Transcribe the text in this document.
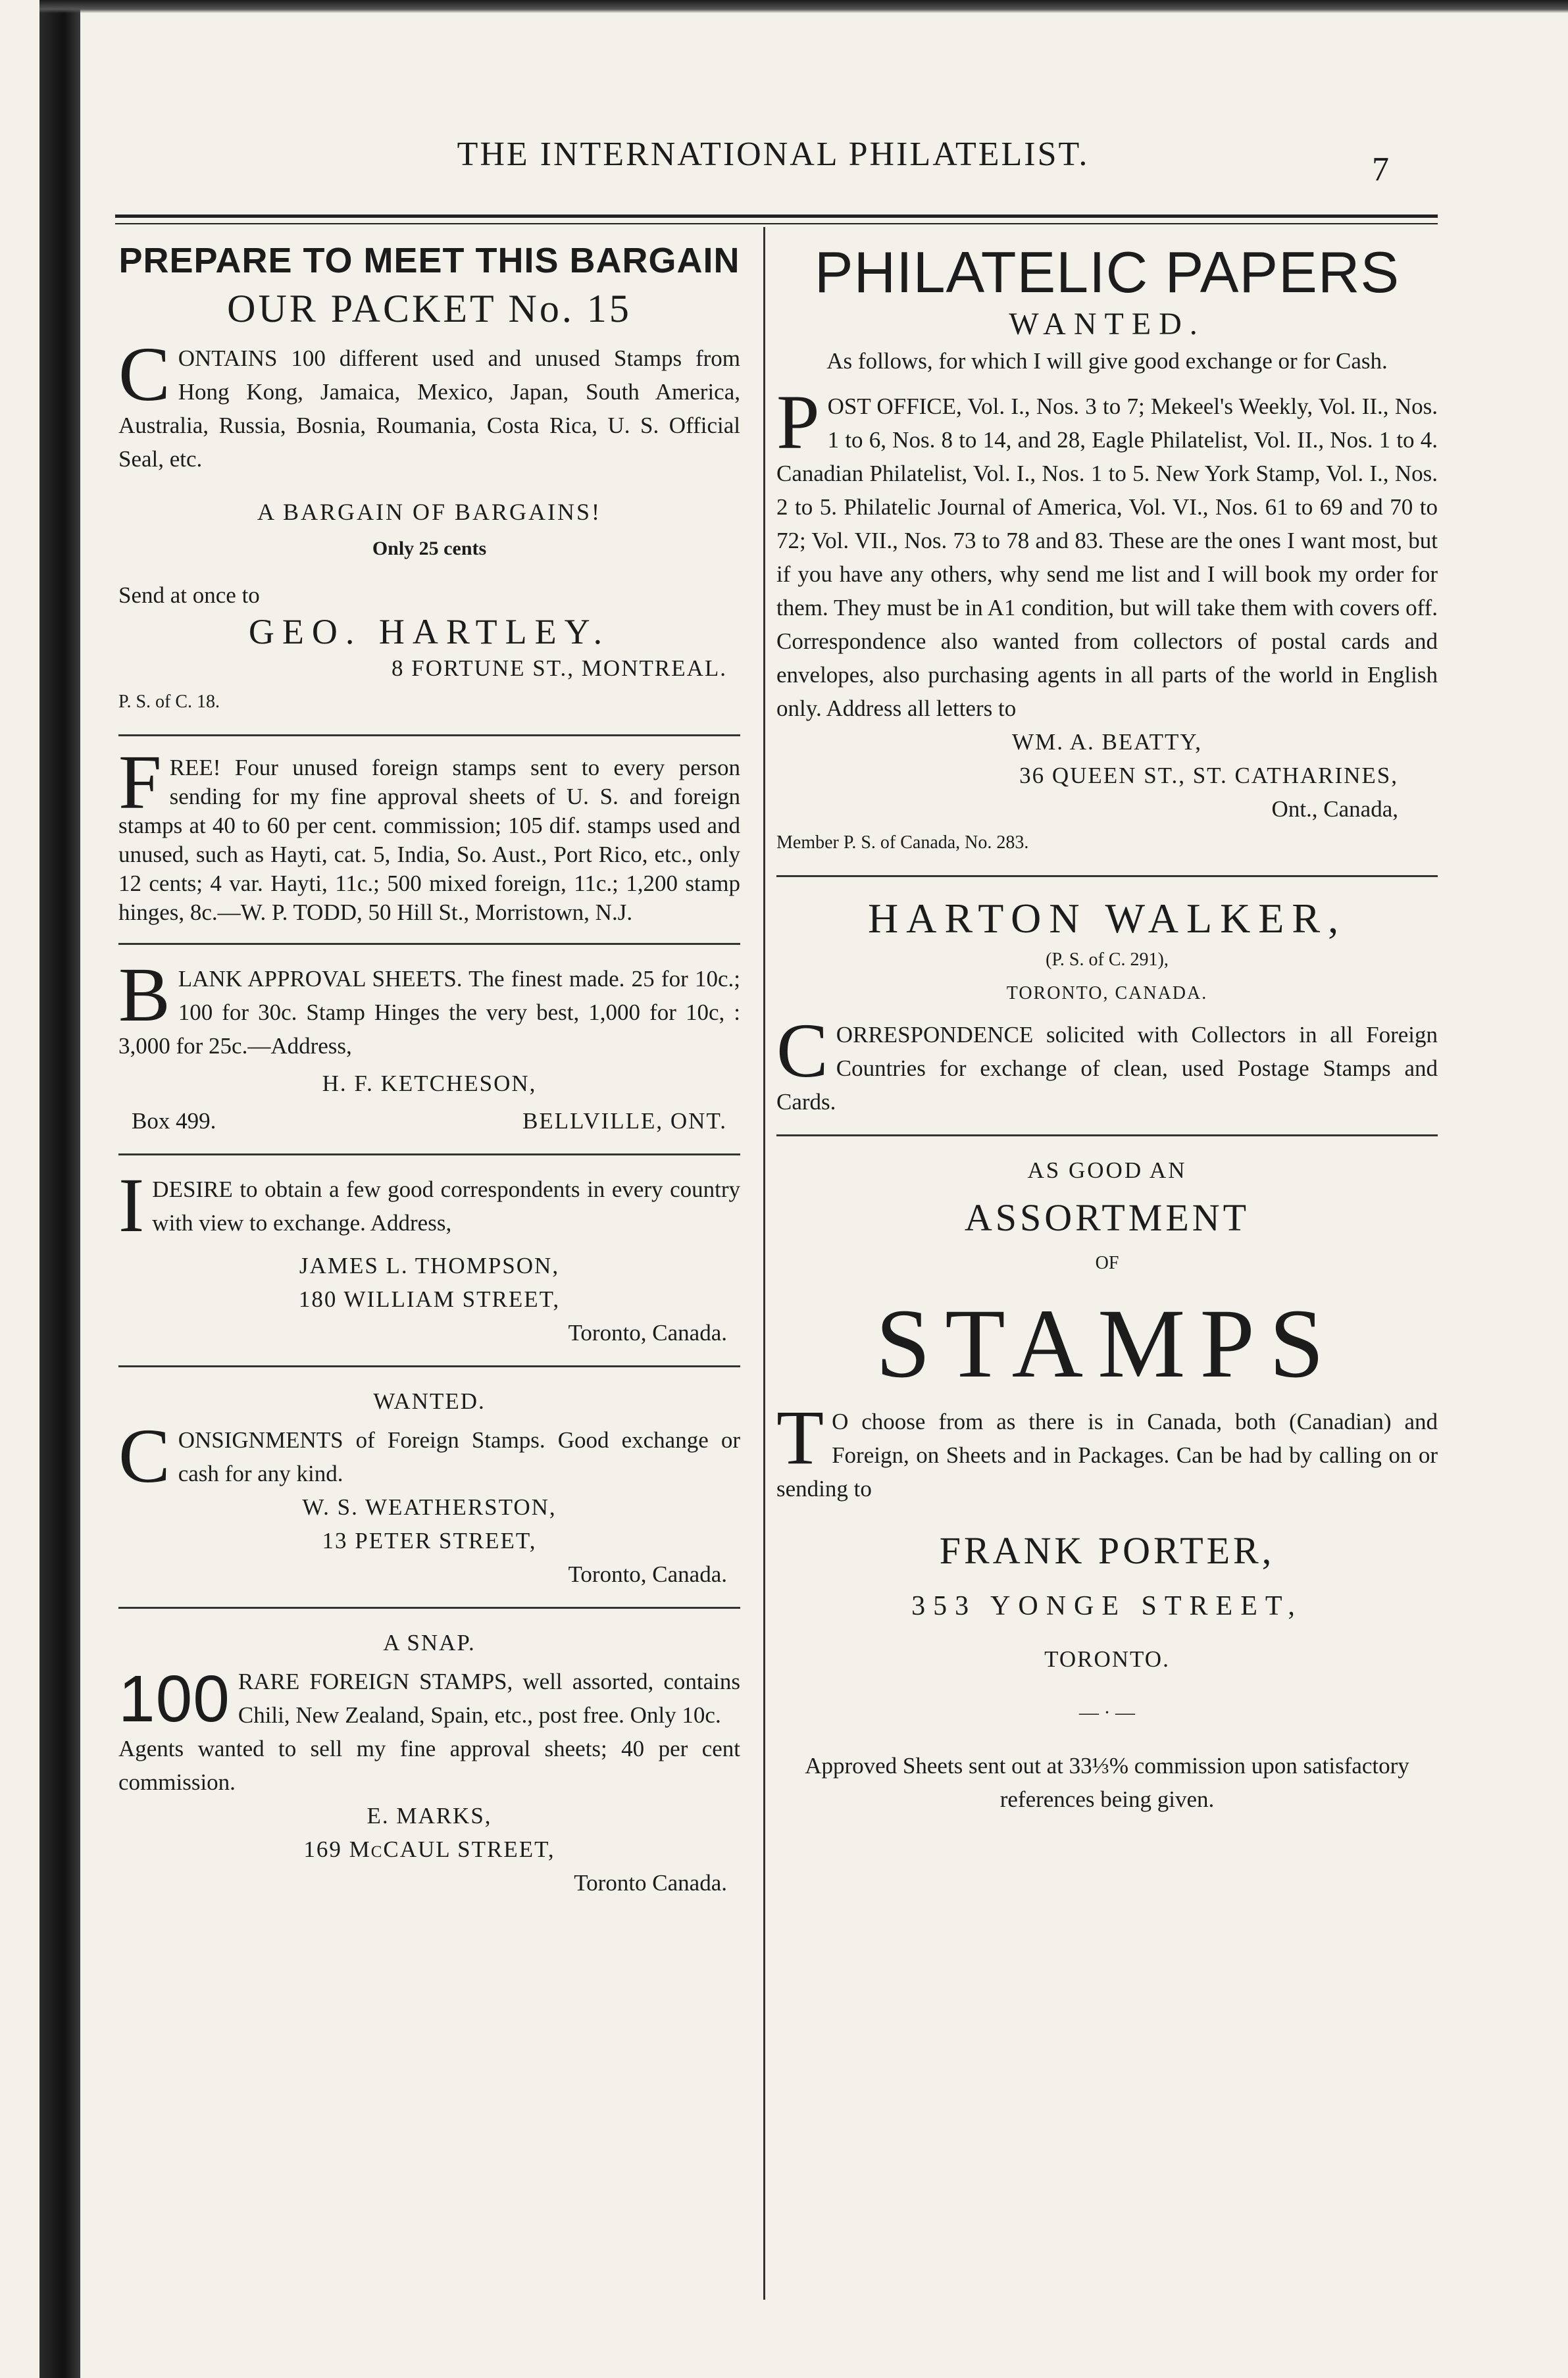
THE INTERNATIONAL PHILATELIST.	7
PREPARE TO MEET THIS BARGAIN
OUR PACKET No. 15

CONTAINS 100 different used and unused Stamps from Hong Kong, Jamaica, Mexico, Japan, South America, Australia, Russia, Bosnia, Roumania, Costa Rica, U. S. Official Seal, etc.

A BARGAIN OF BARGAINS!
Only 25 cents
Send at once to
GEO. HARTLEY.
8 FORTUNE ST., MONTREAL.
P. S. of C. 18.

FREE! Four unused foreign stamps sent to every person sending for my fine approval sheets of U. S. and foreign stamps at 40 to 60 per cent. commission; 105 dif. stamps used and unused, such as Hayti, cat. 5, India, So. Aust., Port Rico, etc., only 12 cents; 4 var. Hayti, 11c.; 500 mixed foreign, 11c.; 1,200 stamp hinges, 8c.—W. P. TODD, 50 Hill St., Morristown, N.J.

BLANK APPROVAL SHEETS. The finest made. 25 for 10c.; 100 for 30c. Stamp Hinges the very best, 1,000 for 10c, : 3,000 for 25c.—Address,

H. F. KETCHESON,
Box 499.	BELLVILLE, ONT.

IDESIRE to obtain a few good correspondents in every country with view to exchange. Address,

JAMES L. THOMPSON,
180 WILLIAM STREET,
Toronto, Canada.
WANTED.

CONSIGNMENTS of Foreign Stamps. Good exchange or cash for any kind.

W. S. WEATHERSTON,
13 PETER STREET,
Toronto, Canada.
A SNAP.

100 RARE FOREIGN STAMPS, well assorted, contains Chili, New Zealand, Spain, etc., post free. Only 10c.

Agents wanted to sell my fine approval sheets; 40 per cent commission.

E. MARKS,
169 McCAUL STREET,
Toronto Canada.
PHILATELIC PAPERS
WANTED.
As follows, for which I will give good exchange or for Cash.

POST OFFICE, Vol. I., Nos. 3 to 7; Mekeel's Weekly, Vol. II., Nos. 1 to 6, Nos. 8 to 14, and 28, Eagle Philatelist, Vol. II., Nos. 1 to 4. Canadian Philatelist, Vol. I., Nos. 1 to 5. New York Stamp, Vol. I., Nos. 2 to 5. Philatelic Journal of America, Vol. VI., Nos. 61 to 69 and 70 to 72; Vol. VII., Nos. 73 to 78 and 83. These are the ones I want most, but if you have any others, why send me list and I will book my order for them. They must be in A1 condition, but will take them with covers off. Correspondence also wanted from collectors of postal cards and envelopes, also purchasing agents in all parts of the world in English only. Address all letters to

WM. A. BEATTY,
36 QUEEN ST., ST. CATHARINES,
Ont., Canada,
Member P. S. of Canada, No. 283.
HARTON WALKER,
(P. S. of C. 291),
TORONTO, CANADA.

CORRESPONDENCE solicited with Collectors in all Foreign Countries for exchange of clean, used Postage Stamps and Cards.

AS GOOD AN
ASSORTMENT
OF
STAMPS

T O choose from as there is in Canada, both (Canadian) and Foreign, on Sheets and in Packages. Can be had by calling on or sending to

FRANK PORTER,
353 YONGE STREET,
TORONTO.
— · —
Approved Sheets sent out at 33⅓% commission upon satisfactory references being given.
